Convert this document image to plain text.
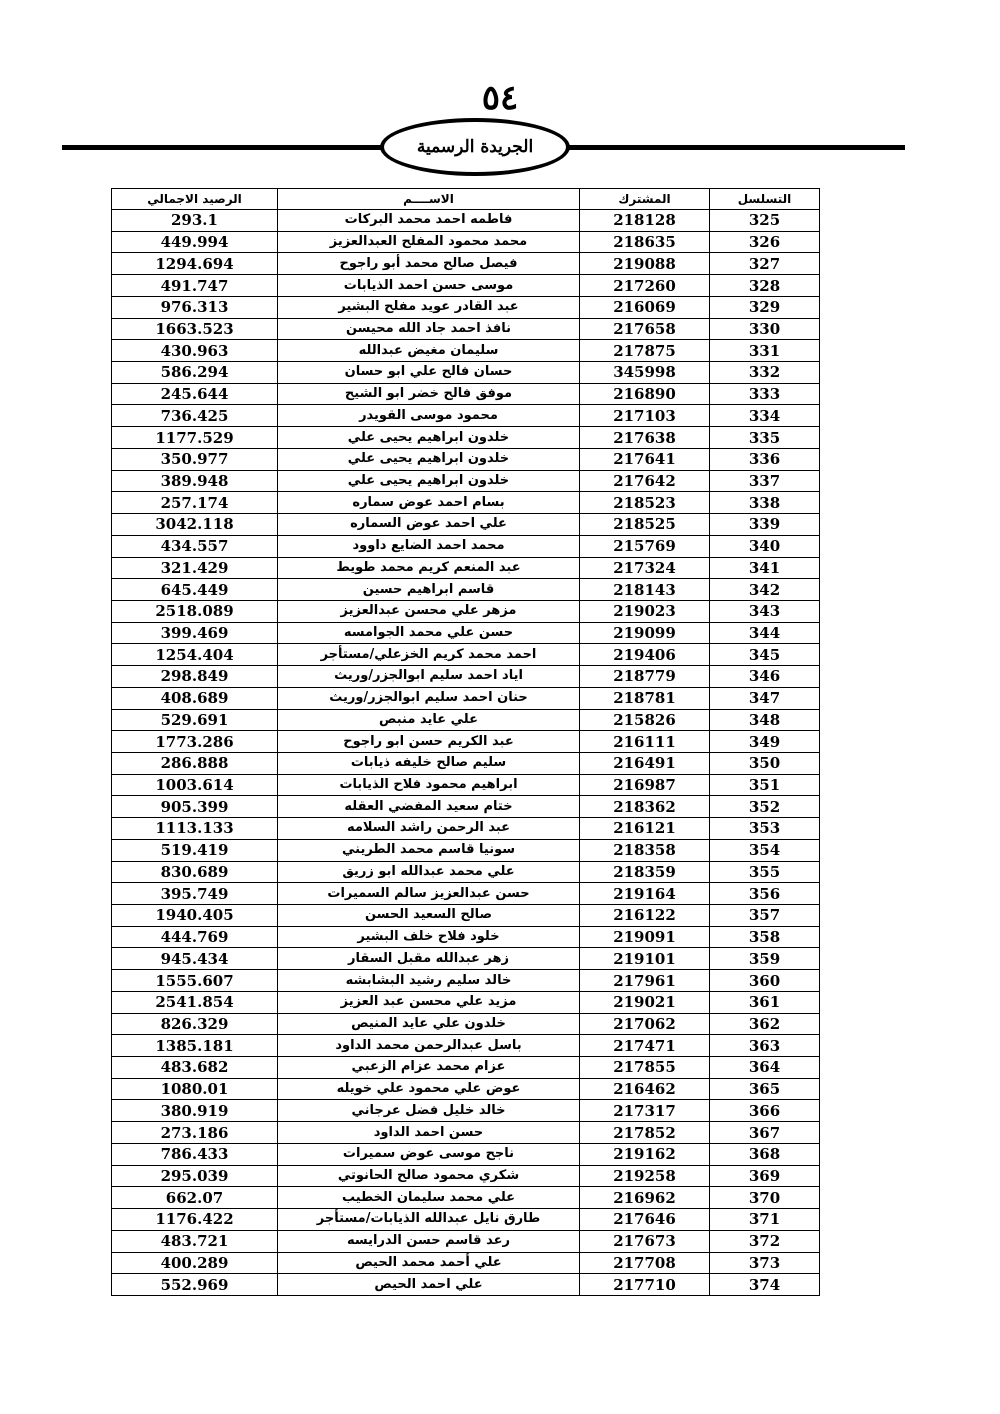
٥٤
الجريدة الرسمية
الرصيد الاجمالي	الاســــم	المشترك	التسلسل
293.1	فاطمه احمد محمد البركات	218128	325
449.994	محمد محمود المفلح العبدالعزيز	218635	326
1294.694	فيصل صالح محمد أبو راجوح	219088	327
491.747	موسى حسن احمد الذيابات	217260	328
976.313	عبد القادر عويد مفلح البشير	216069	329
1663.523	نافذ احمد جاد الله محيسن	217658	330
430.963	سليمان مغيض عبدالله	217875	331
586.294	حسان فالح علي ابو حسان	345998	332
245.644	موفق فالح خضر ابو الشيح	216890	333
736.425	محمود موسى القويدر	217103	334
1177.529	خلدون ابراهيم يحيى علي	217638	335
350.977	خلدون ابراهيم يحيى علي	217641	336
389.948	خلدون ابراهيم يحيى علي	217642	337
257.174	بسام احمد عوض سماره	218523	338
3042.118	علي احمد عوض السماره	218525	339
434.557	محمد احمد الضايع داوود	215769	340
321.429	عبد المنعم كريم محمد طويط	217324	341
645.449	قاسم ابراهيم حسين	218143	342
2518.089	مزهر علي محسن عبدالعزيز	219023	343
399.469	حسن علي محمد الجوامسه	219099	344
1254.404	احمد محمد كريم الخزعلي/مستأجر	219406	345
298.849	اياد احمد سليم ابوالجزر/وريث	218779	346
408.689	حنان احمد سليم ابوالجزر/وريث	218781	347
529.691	علي عايد منبص	215826	348
1773.286	عبد الكريم حسن ابو راجوح	216111	349
286.888	سليم صالح خليفه ذيابات	216491	350
1003.614	ابراهيم محمود فلاح الذيابات	216987	351
905.399	ختام سعيد المفضي العقله	218362	352
1113.133	عبد الرحمن راشد السلامه	216121	353
519.419	سونيا قاسم محمد الطريني	218358	354
830.689	علي محمد عبدالله ابو زريق	218359	355
395.749	حسن عبدالعزيز سالم السميرات	219164	356
1940.405	صالح السعيد الحسن	216122	357
444.769	خلود فلاح خلف البشير	219091	358
945.434	زهر عبدالله مقبل السقار	219101	359
1555.607	خالد سليم رشيد البشابشه	217961	360
2541.854	مزيد علي محسن عبد العزيز	219021	361
826.329	خلدون علي عايد المنيص	217062	362
1385.181	باسل عبدالرحمن محمد الداود	217471	363
483.682	عزام محمد عزام الزعبي	217855	364
1080.01	عوض علي محمود علي خويله	216462	365
380.919	خالد خليل فضل عرجاني	217317	366
273.186	حسن احمد الداود	217852	367
786.433	ناجح موسى عوض سميرات	219162	368
295.039	شكري محمود صالح الحانوتي	219258	369
662.07	علي محمد سليمان الخطيب	216962	370
1176.422	طارق نايل عبدالله الذيابات/مستأجر	217646	371
483.721	رعد قاسم حسن الدرايسه	217673	372
400.289	علي أحمد محمد الحيص	217708	373
552.969	علي احمد الحيص	217710	374
